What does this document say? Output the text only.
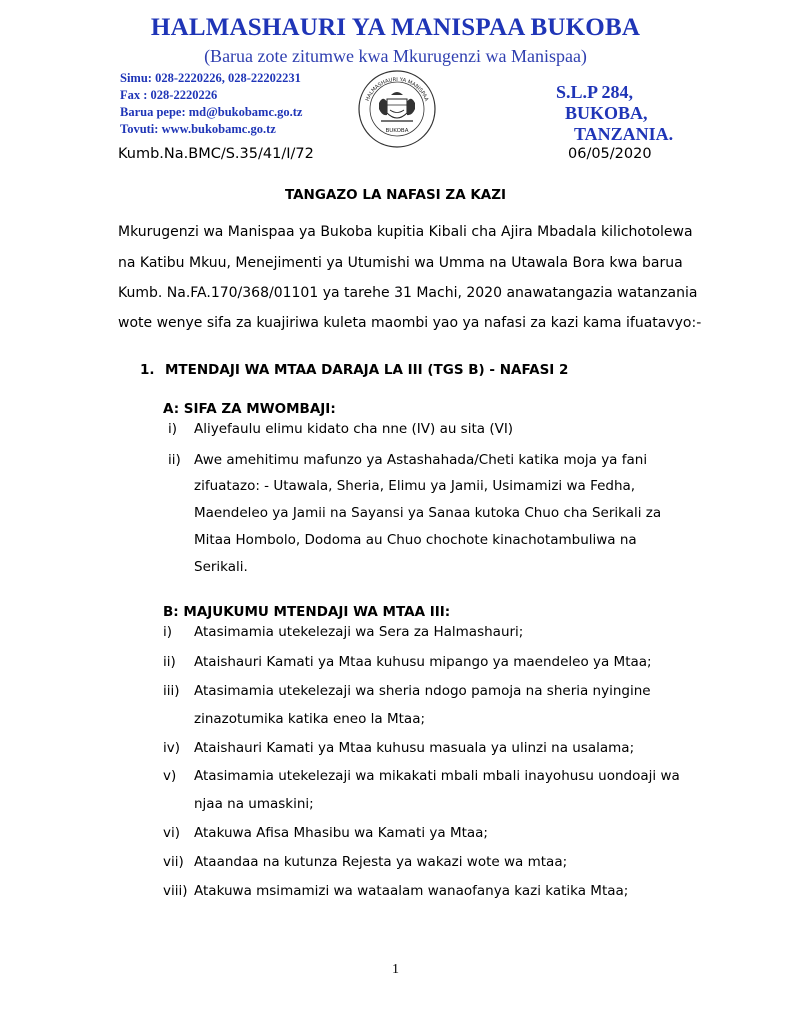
HALMASHAURI YA MANISPAA BUKOBA
(Barua zote zitumwe kwa Mkurugenzi wa Manispaa)
Simu: 028-2220226, 028-22202231
Fax : 028-2220226
Barua pepe: md@bukobamc.go.tz
Tovuti: www.bukobamc.go.tz
HALMASHAURI YA MANISPAA
BUKOBA
S.L.P 284,
BUKOBA,
TANZANIA.
Kumb.Na.BMC/S.35/41/I/72	06/05/2020
TANGAZO LA NAFASI ZA KAZI
Mkurugenzi wa Manispaa ya Bukoba kupitia Kibali cha Ajira Mbadala kilichotolewa
na Katibu Mkuu, Menejimenti ya Utumishi wa Umma na Utawala Bora kwa barua
Kumb. Na.FA.170/368/01101 ya tarehe 31 Machi, 2020 anawatangazia watanzania
wote wenye sifa za kuajiriwa kuleta maombi yao ya nafasi za kazi kama ifuatavyo:-
1. MTENDAJI WA MTAA DARAJA LA III (TGS B) - NAFASI 2
A: SIFA ZA MWOMBAJI:
i) Aliyefaulu elimu kidato cha nne (IV) au sita (VI)
ii) Awe amehitimu mafunzo ya Astashahada/Cheti katika moja ya fani
zifuatazo: - Utawala, Sheria, Elimu ya Jamii, Usimamizi wa Fedha,
Maendeleo ya Jamii na Sayansi ya Sanaa kutoka Chuo cha Serikali za
Mitaa Hombolo, Dodoma au Chuo chochote kinachotambuliwa na
Serikali.
B: MAJUKUMU MTENDAJI WA MTAA III:
i) Atasimamia utekelezaji wa Sera za Halmashauri;
ii) Ataishauri Kamati ya Mtaa kuhusu mipango ya maendeleo ya Mtaa;
iii) Atasimamia utekelezaji wa sheria ndogo pamoja na sheria nyingine
zinazotumika katika eneo la Mtaa;
iv) Ataishauri Kamati ya Mtaa kuhusu masuala ya ulinzi na usalama;
v) Atasimamia utekelezaji wa mikakati mbali mbali inayohusu uondoaji wa
njaa na umaskini;
vi) Atakuwa Afisa Mhasibu wa Kamati ya Mtaa;
vii) Ataandaa na kutunza Rejesta ya wakazi wote wa mtaa;
viii) Atakuwa msimamizi wa wataalam wanaofanya kazi katika Mtaa;
1
